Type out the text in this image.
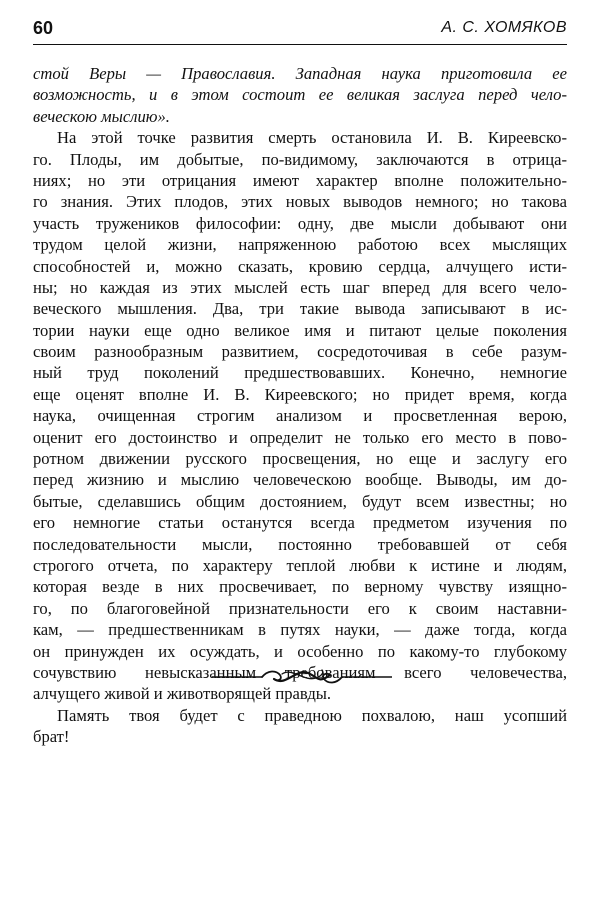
60	А. С. ХОМЯКОВ
стой Веры — Православия. Западная наука приготовила ее
возможность, и в этом состоит ее великая заслуга перед чело-
веческою мыслию».
На этой точке развития смерть остановила И. В. Киреевско-
го. Плоды, им добытые, по-видимому, заключаются в отрица-
ниях; но эти отрицания имеют характер вполне положительно-
го знания. Этих плодов, этих новых выводов немного; но такова
участь тружеников философии: одну, две мысли добывают они
трудом целой жизни, напряженною работою всех мыслящих
способностей и, можно сказать, кровию сердца, алчущего исти-
ны; но каждая из этих мыслей есть шаг вперед для всего чело-
веческого мышления. Два, три такие вывода записывают в ис-
тории науки еще одно великое имя и питают целые поколения
своим разнообразным развитием, сосредоточивая в себе разум-
ный труд поколений предшествовавших. Конечно, немногие
еще оценят вполне И. В. Киреевского; но придет время, когда
наука, очищенная строгим анализом и просветленная верою,
оценит его достоинство и определит не только его место в пово-
ротном движении русского просвещения, но еще и заслугу его
перед жизнию и мыслию человеческою вообще. Выводы, им до-
бытые, сделавшись общим достоянием, будут всем известны; но
его немногие статьи останутся всегда предметом изучения по
последовательности мысли, постоянно требовавшей от себя
строгого отчета, по характеру теплой любви к истине и людям,
которая везде в них просвечивает, по верному чувству изящно-
го, по благоговейной признательности его к своим наставни-
кам, — предшественникам в путях науки, — даже тогда, когда
он принужден их осуждать, и особенно по какому-то глубокому
сочувствию невысказанным требованиям всего человечества,
алчущего живой и животворящей правды.
Память твоя будет с праведною похвалою, наш усопший
брат!
